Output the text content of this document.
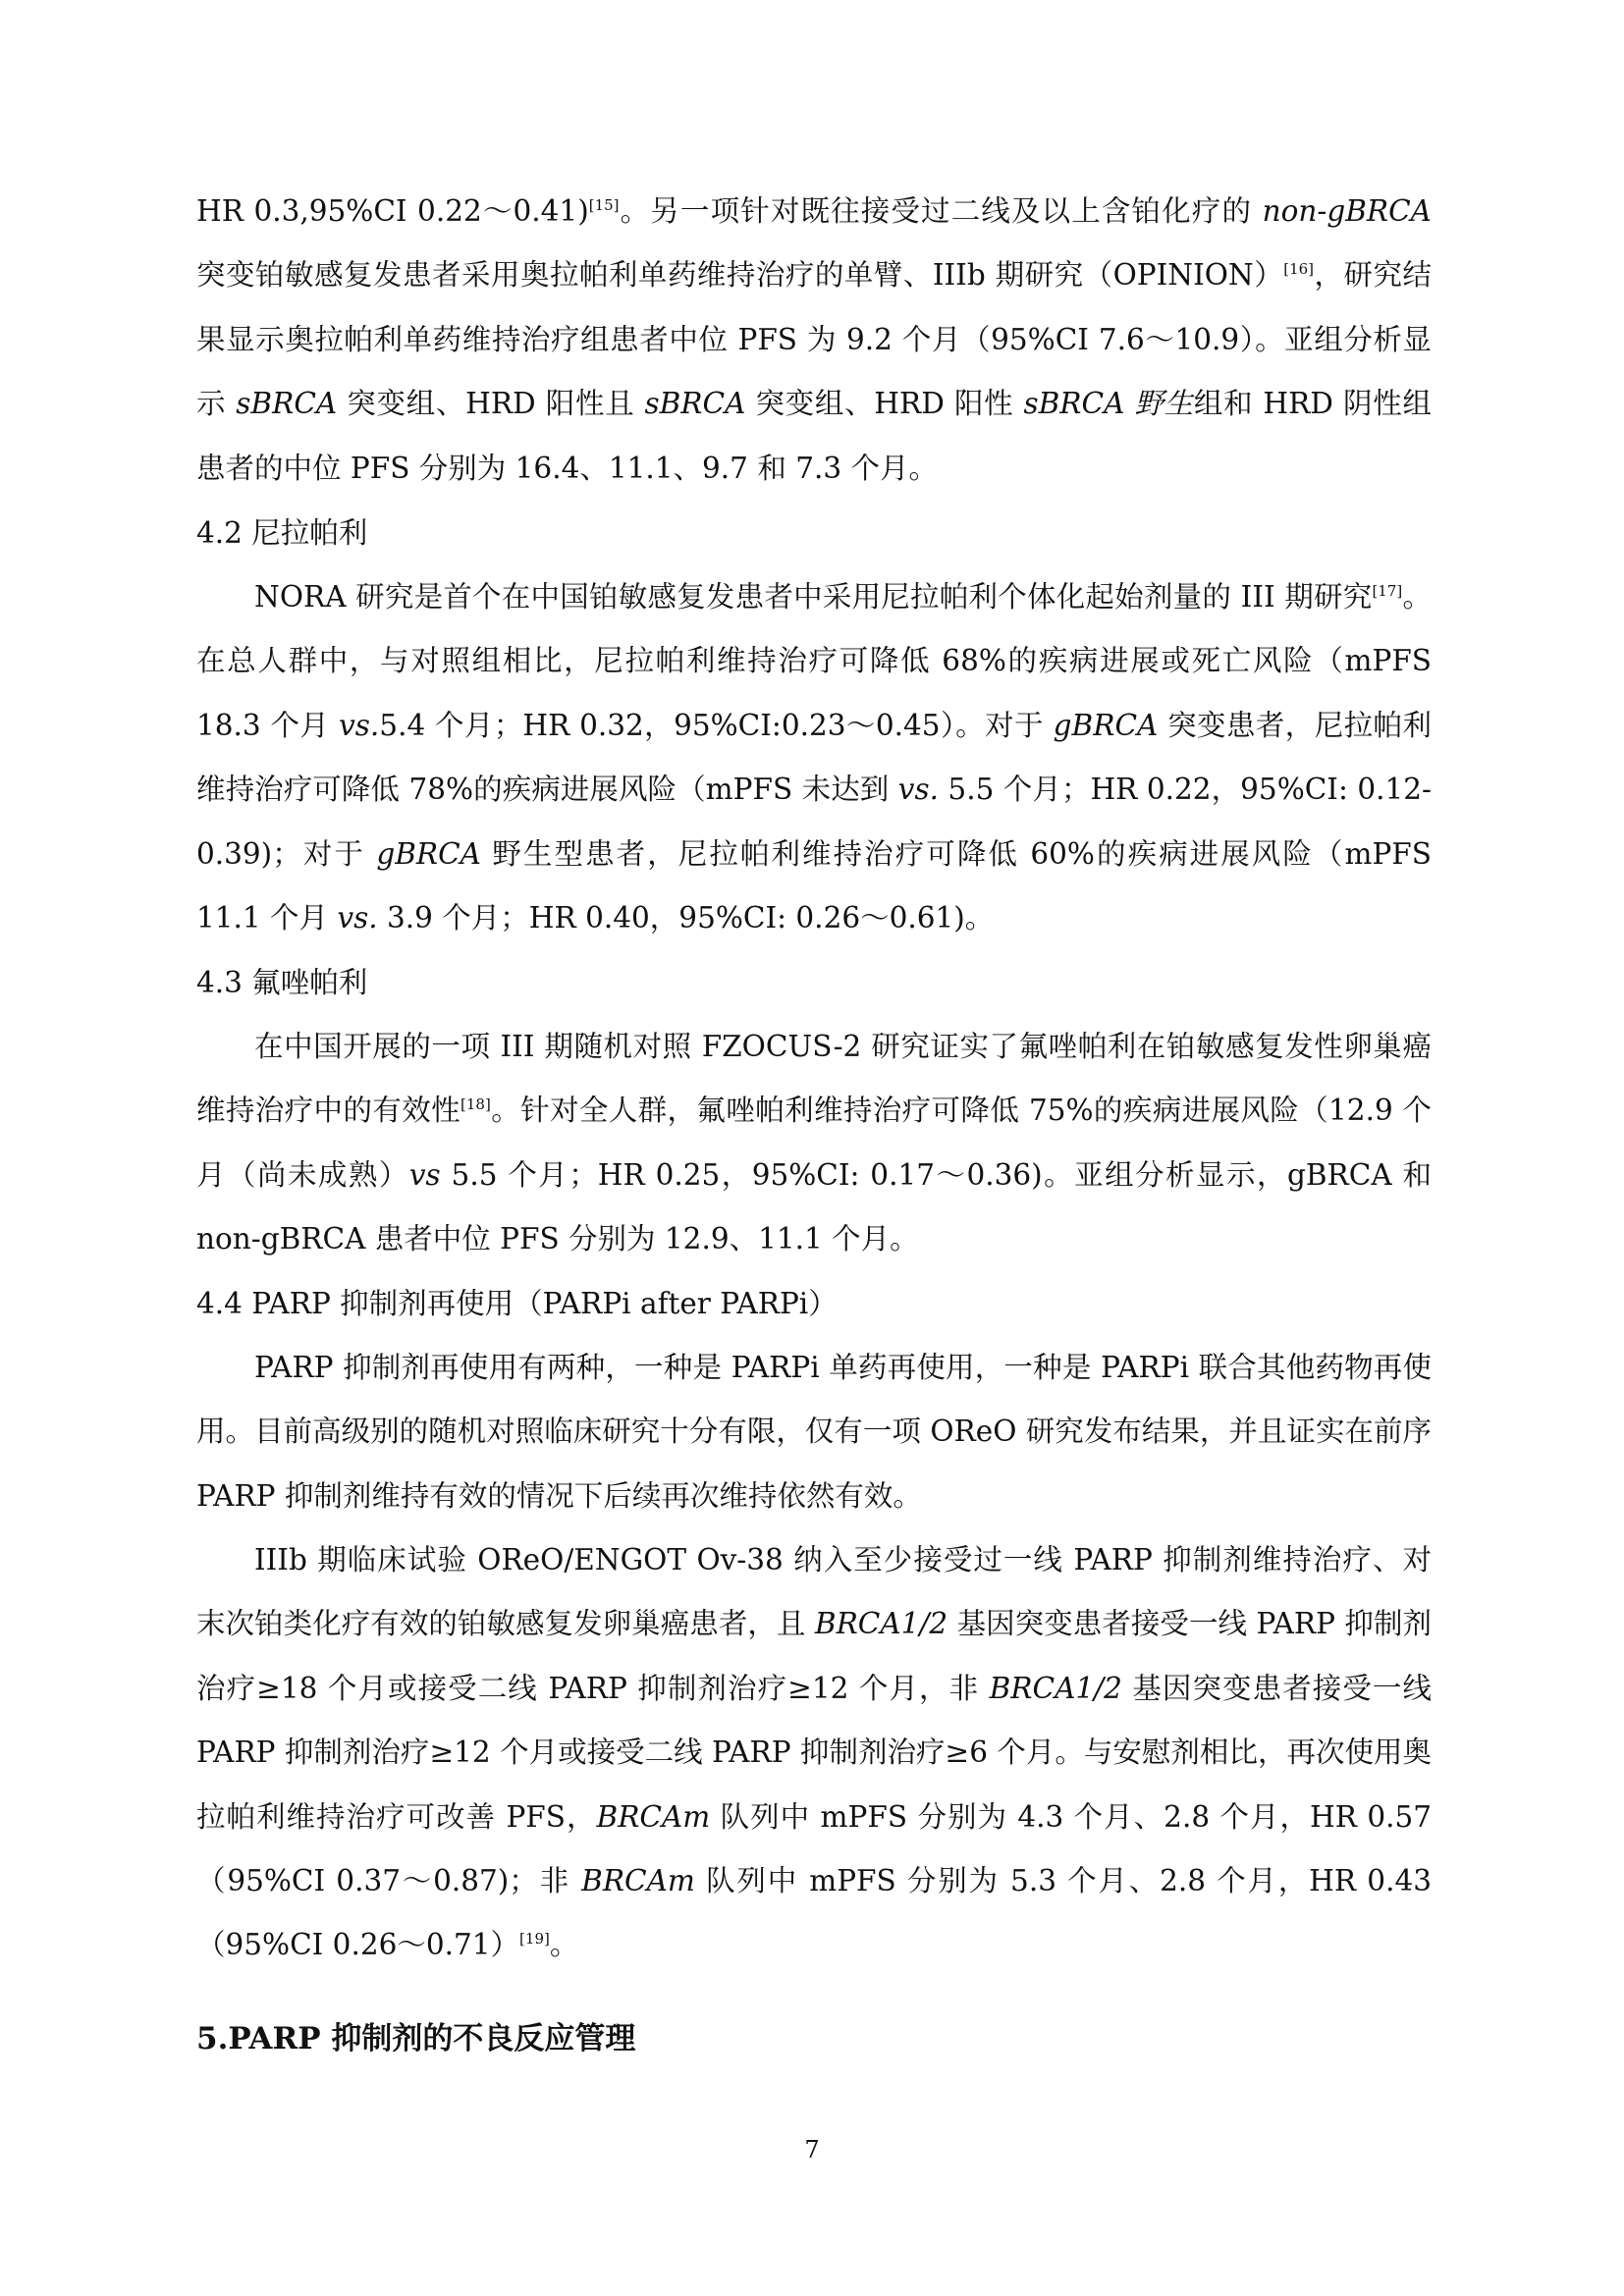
HR 0.3,95%CI 0.22～0.41)[15]。另一项针对既往接受过二线及以上含铂化疗的 non-gBRCA 突变铂敏感复发患者采用奥拉帕利单药维持治疗的单臂、IIIb 期研究（OPINION）[16]，研究结果显示奥拉帕利单药维持治疗组患者中位 PFS 为 9.2 个月（95%CI 7.6～10.9）。亚组分析显示 sBRCA 突变组、HRD 阳性且 sBRCA 突变组、HRD 阳性 sBRCA 野生组和 HRD 阴性组患者的中位 PFS 分别为 16.4、11.1、9.7 和 7.3 个月。
4.2 尼拉帕利
NORA 研究是首个在中国铂敏感复发患者中采用尼拉帕利个体化起始剂量的 III 期研究[17]。在总人群中，与对照组相比，尼拉帕利维持治疗可降低 68%的疾病进展或死亡风险（mPFS 18.3 个月 vs.5.4 个月；HR 0.32，95%CI:0.23～0.45）。对于 gBRCA 突变患者，尼拉帕利维持治疗可降低 78%的疾病进展风险（mPFS 未达到 vs. 5.5 个月；HR 0.22，95%CI: 0.12-0.39)；对于 gBRCA 野生型患者，尼拉帕利维持治疗可降低 60%的疾病进展风险（mPFS 11.1 个月 vs. 3.9 个月；HR 0.40，95%CI: 0.26～0.61)。
4.3 氟唑帕利
在中国开展的一项 III 期随机对照 FZOCUS-2 研究证实了氟唑帕利在铂敏感复发性卵巢癌维持治疗中的有效性[18]。针对全人群，氟唑帕利维持治疗可降低 75%的疾病进展风险（12.9 个月（尚未成熟）vs 5.5 个月；HR 0.25，95%CI: 0.17～0.36)。亚组分析显示，gBRCA 和 non-gBRCA 患者中位 PFS 分别为 12.9、11.1 个月。
4.4 PARP 抑制剂再使用（PARPi after PARPi）
PARP 抑制剂再使用有两种，一种是 PARPi 单药再使用，一种是 PARPi 联合其他药物再使用。目前高级别的随机对照临床研究十分有限，仅有一项 OReO 研究发布结果，并且证实在前序 PARP 抑制剂维持有效的情况下后续再次维持依然有效。
IIIb 期临床试验 OReO/ENGOT Ov-38 纳入至少接受过一线 PARP 抑制剂维持治疗、对末次铂类化疗有效的铂敏感复发卵巢癌患者，且 BRCA1/2 基因突变患者接受一线 PARP 抑制剂治疗≥18 个月或接受二线 PARP 抑制剂治疗≥12 个月，非 BRCA1/2 基因突变患者接受一线 PARP 抑制剂治疗≥12 个月或接受二线 PARP 抑制剂治疗≥6 个月。与安慰剂相比，再次使用奥拉帕利维持治疗可改善 PFS，BRCAm 队列中 mPFS 分别为 4.3 个月、2.8 个月，HR 0.57（95%CI 0.37～0.87)；非 BRCAm 队列中 mPFS 分别为 5.3 个月、2.8 个月，HR 0.43（95%CI 0.26～0.71）[19]。
5.PARP 抑制剂的不良反应管理
7
